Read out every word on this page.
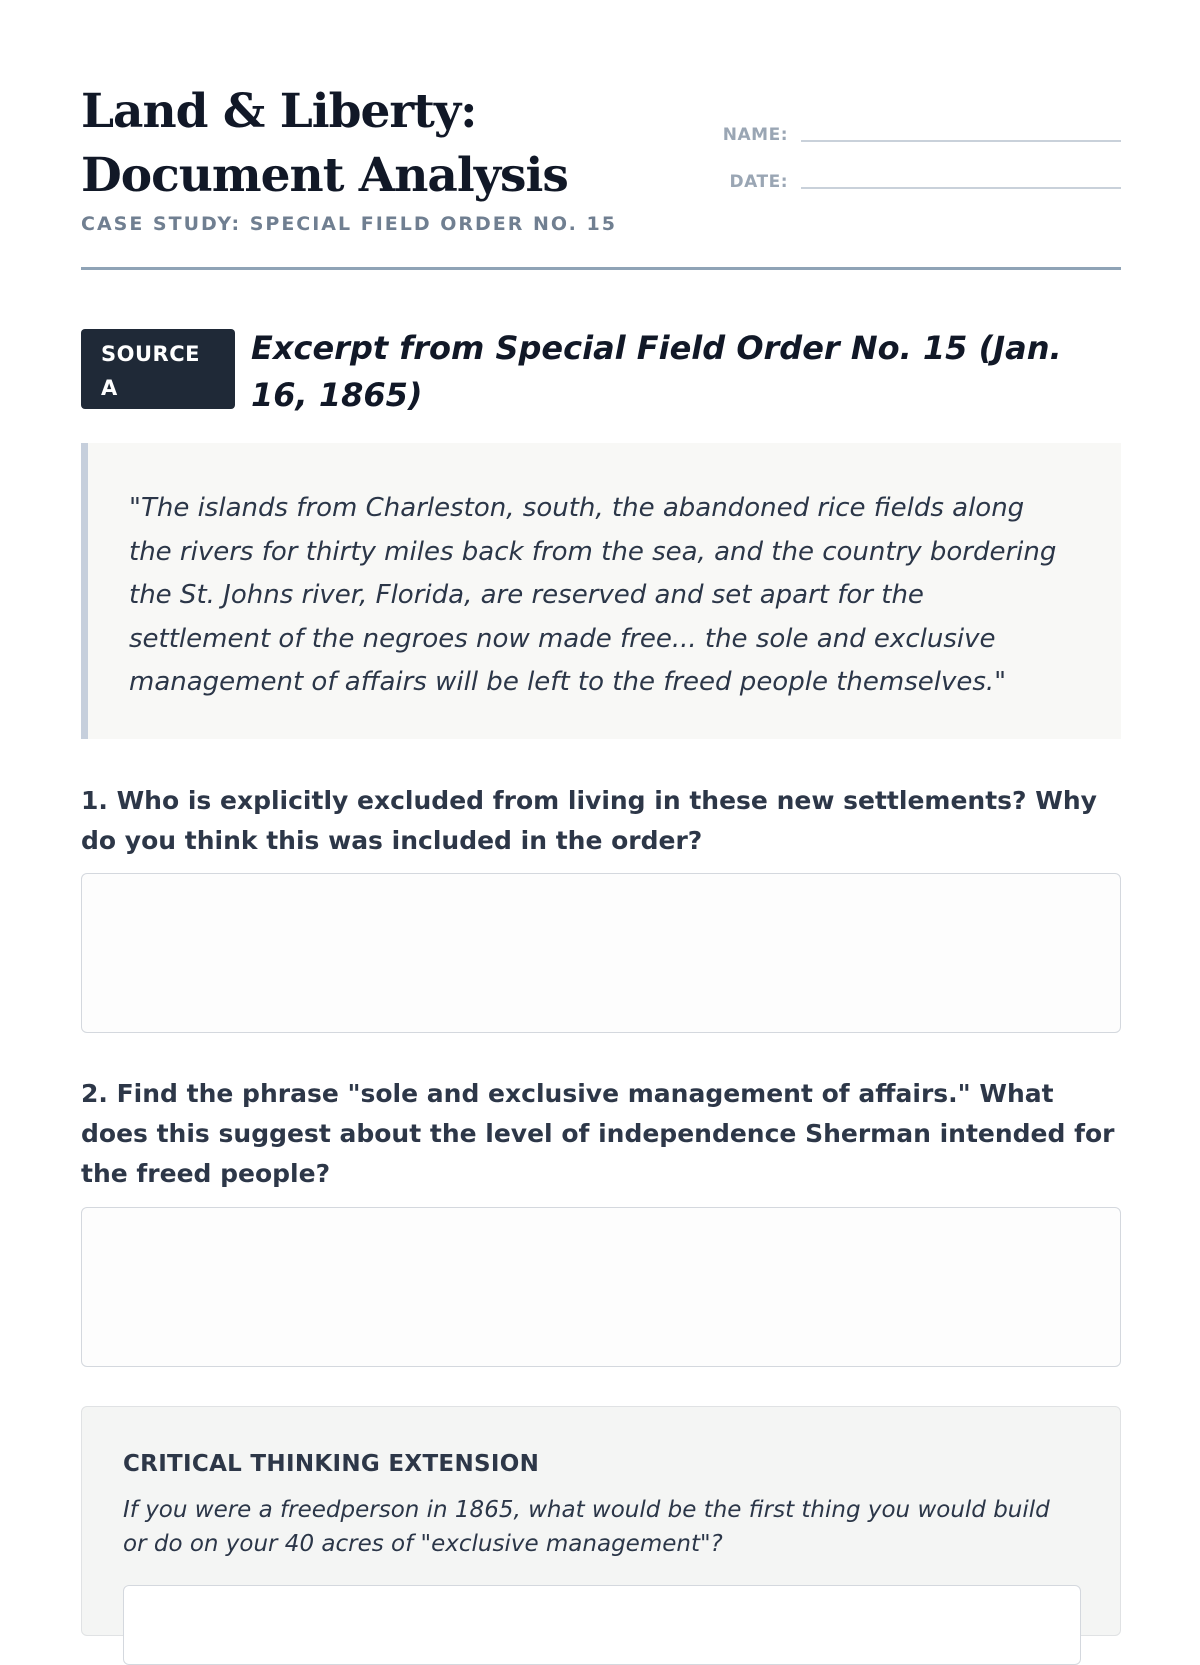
Land & Liberty: Document Analysis
CASE STUDY: SPECIAL FIELD ORDER NO. 15
NAME:
DATE:
SOURCE A
Excerpt from Special Field Order No. 15 (Jan. 16, 1865)
"The islands from Charleston, south, the abandoned rice fields along the rivers for thirty miles back from the sea, and the country bordering the St. Johns river, Florida, are reserved and set apart for the settlement of the negroes now made free... the sole and exclusive management of affairs will be left to the freed people themselves."

1. Who is explicitly excluded from living in these new settlements? Why do you think this was included in the order?

2. Find the phrase "sole and exclusive management of affairs." What does this suggest about the level of independence Sherman intended for the freed people?

CRITICAL THINKING EXTENSION

If you were a freedperson in 1865, what would be the first thing you would build or do on your 40 acres of "exclusive management"?
